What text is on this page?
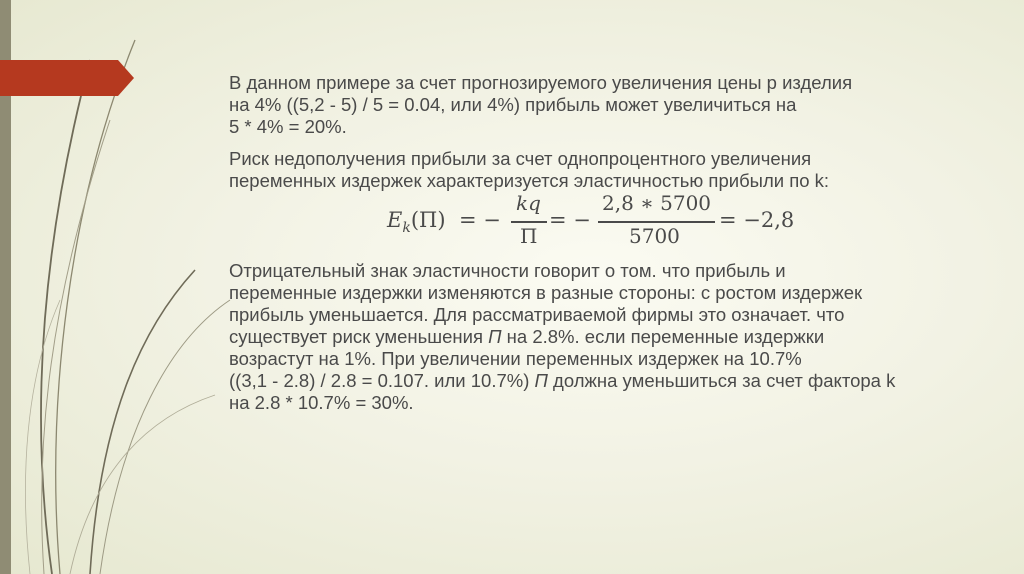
В данном примере за счет прогнозируемого увеличения цены р изделия
на 4% ((5,2 - 5) / 5 = 0.04, или 4%) прибыль может увеличиться на
5 * 4% = 20%.
Риск недополучения прибыли за счет однопроцентного увеличения
переменных издержек характеризуется эластичностью прибыли по k:
$E_k(П)$ = −
kq
П
= −
2,8 ∗ 5700
5700
= −2,8
Отрицательный знак эластичности говорит о том. что прибыль и
переменные издержки изменяются в разные стороны: с ростом издержек
прибыль уменьшается. Для рассматриваемой фирмы это означает. что
существует риск уменьшения П на 2.8%. если переменные издержки
возрастут на 1%. При увеличении переменных издержек на 10.7%
((3,1 - 2.8) / 2.8 = 0.107. или 10.7%) П должна уменьшиться за счет фактора k
на 2.8 * 10.7% = 30%.
